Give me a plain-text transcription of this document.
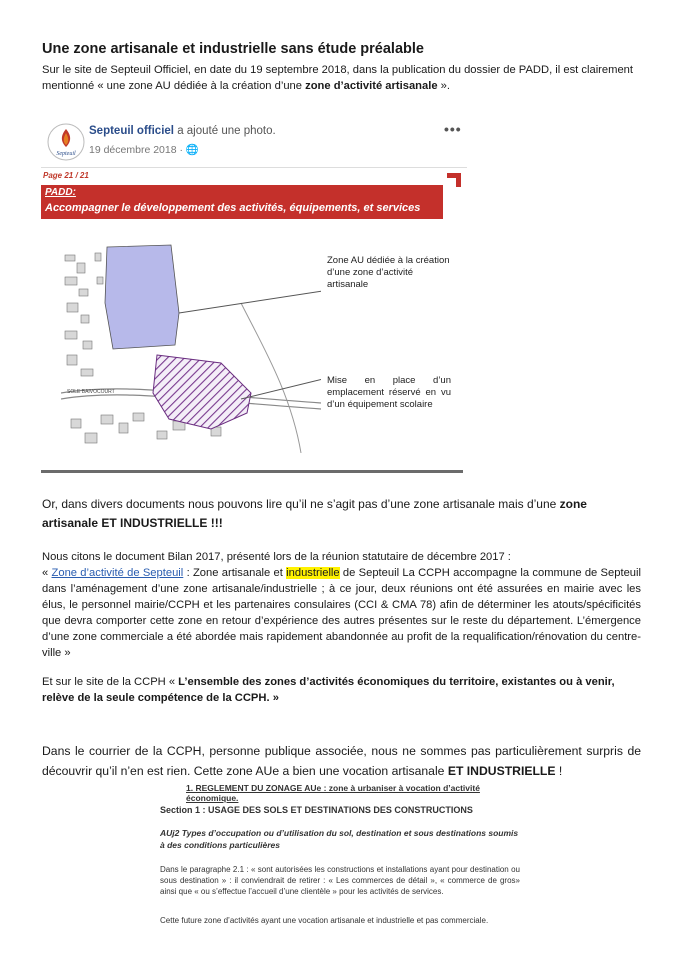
Une zone artisanale et industrielle sans étude préalable
Sur le site de Septeuil Officiel, en date du 19 septembre 2018, dans la publication du dossier de PADD, il est clairement
mentionné « une zone AU dédiée à la création d’une zone d’activité artisanale ».
Septeuil
Septeuil officiel a ajouté une photo.
19 décembre 2018 · 🌐
•••
Page 21 / 21
PADD:
Accompagner le développement des activités, équipements, et services
SOLE BAIVOCOURT
Zone AU dédiée à la création d’une zone d’activité artisanale
Mise en place d’un emplacement réservé en vu d’un équipement scolaire
Or, dans divers documents nous pouvons lire qu’il ne s’agit pas d’une zone artisanale mais d’une zone
artisanale ET INDUSTRIELLE !!!
Nous citons le document Bilan 2017, présenté lors de la réunion statutaire de décembre 2017 :
« Zone d’activité de Septeuil : Zone artisanale et industrielle de Septeuil La CCPH accompagne la commune de Septeuil dans l’aménagement d’une zone artisanale/industrielle ; à ce jour, deux réunions ont été assurées en mairie avec les élus, le personnel mairie/CCPH et les partenaires consulaires (CCI & CMA 78) afin de déterminer les atouts/spécificités que devra comporter cette zone en retour d’expérience des autres présentes sur le reste du département. L’émergence d’une zone commerciale a été abordée mais rapidement abandonnée au profit de la requalification/rénovation du centre-ville »
Et sur le site de la CCPH « L’ensemble des zones d’activités économiques du territoire, existantes ou à venir, relève de la seule compétence de la CCPH. »
Dans le courrier de la CCPH, personne publique associée, nous ne sommes pas particulièrement surpris de découvrir qu’il n’en est rien. Cette zone AUe a bien une vocation artisanale ET INDUSTRIELLE !
1. REGLEMENT DU ZONAGE AUe : zone à urbaniser à vocation d’activité économique.
Section 1 : USAGE DES SOLS ET DESTINATIONS DES CONSTRUCTIONS
AUj2 Types d’occupation ou d’utilisation du sol, destination et sous destinations soumis à des conditions particulières
Dans le paragraphe 2.1 : « sont autorisées les constructions et installations ayant pour destination ou sous destination » : il conviendrait de retirer : « Les commerces de détail », « commerce de gros» ainsi que « ou s’effectue l’accueil d’une clientèle » pour les activités de services.
Cette future zone d’activités ayant une vocation artisanale et industrielle et pas commerciale.
